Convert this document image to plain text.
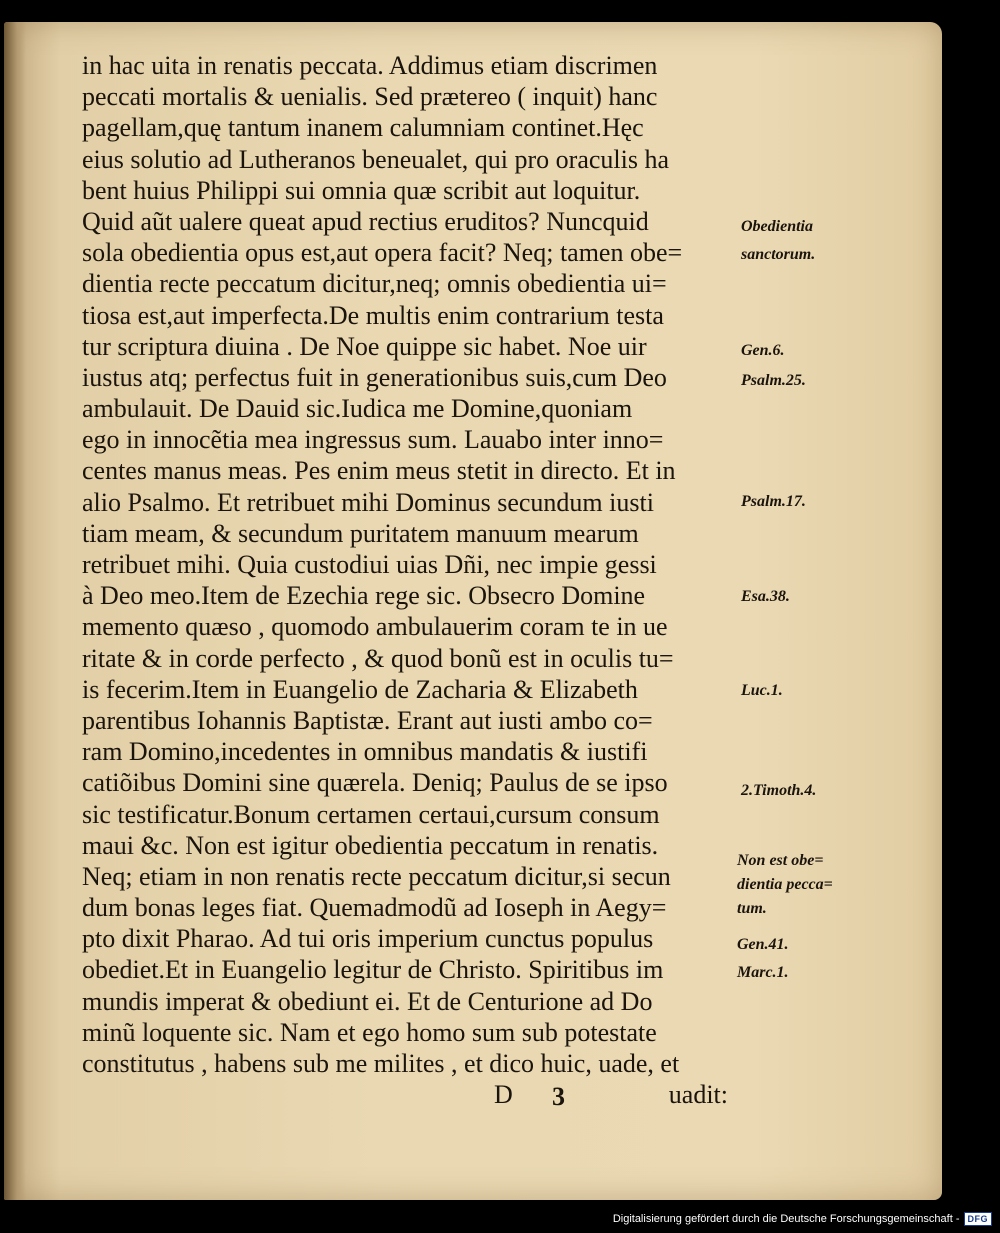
in hac uita in renatis peccata. Addimus etiam discrimen
peccati mortalis & uenialis. Sed prætereo ( inquit) hanc
pagellam,quę tantum inanem calumniam continet.Hęc
eius solutio ad Lutheranos beneualet, qui pro oraculis ha
bent huius Philippi sui omnia quæ scribit aut loquitur.
Quid aũt ualere queat apud rectius eruditos? Nuncquid
sola obedientia opus est,aut opera facit? Neq; tamen obe=
dientia recte peccatum dicitur,neq; omnis obedientia ui=
tiosa est,aut imperfecta.De multis enim contrarium testa
tur scriptura diuina . De Noe quippe sic habet. Noe uir
iustus atq; perfectus fuit in generationibus suis,cum Deo
ambulauit. De Dauid sic.Iudica me Domine,quoniam
ego in innocẽtia mea ingressus sum. Lauabo inter inno=
centes manus meas. Pes enim meus stetit in directo. Et in
alio Psalmo. Et retribuet mihi Dominus secundum iusti
tiam meam, & secundum puritatem manuum mearum
retribuet mihi. Quia custodiui uias Dñi, nec impie gessi
à Deo meo.Item de Ezechia rege sic. Obsecro Domine
memento quæso , quomodo ambulauerim coram te in ue
ritate & in corde perfecto , & quod bonũ est in oculis tu=
is fecerim.Item in Euangelio de Zacharia & Elizabeth
parentibus Iohannis Baptistæ. Erant aut iusti ambo co=
ram Domino,incedentes in omnibus mandatis & iustifi
catiõibus Domini sine quærela. Deniq; Paulus de se ipso
sic testificatur.Bonum certamen certaui,cursum consum
maui &c. Non est igitur obedientia peccatum in renatis.
Neq; etiam in non renatis recte peccatum dicitur,si secun
dum bonas leges fiat. Quemadmodũ ad Ioseph in Aegy=
pto dixit Pharao. Ad tui oris imperium cunctus populus
obediet.Et in Euangelio legitur de Christo. Spiritibus im
mundis imperat & obediunt ei. Et de Centurione ad Do
minũ loquente sic. Nam et ego homo sum sub potestate
constitutus , habens sub me milites , et dico huic, uade, et
Obedientia
sanctorum.
Gen.6.
Psalm.25.
Psalm.17.
Esa.38.
Luc.1.
2.Timoth.4.
Non est obe=
dientia pecca=
tum.
Gen.41.
Marc.1.
D 3	uadit:
Digitalisierung gefördert durch die Deutsche Forschungsgemeinschaft - DFG
